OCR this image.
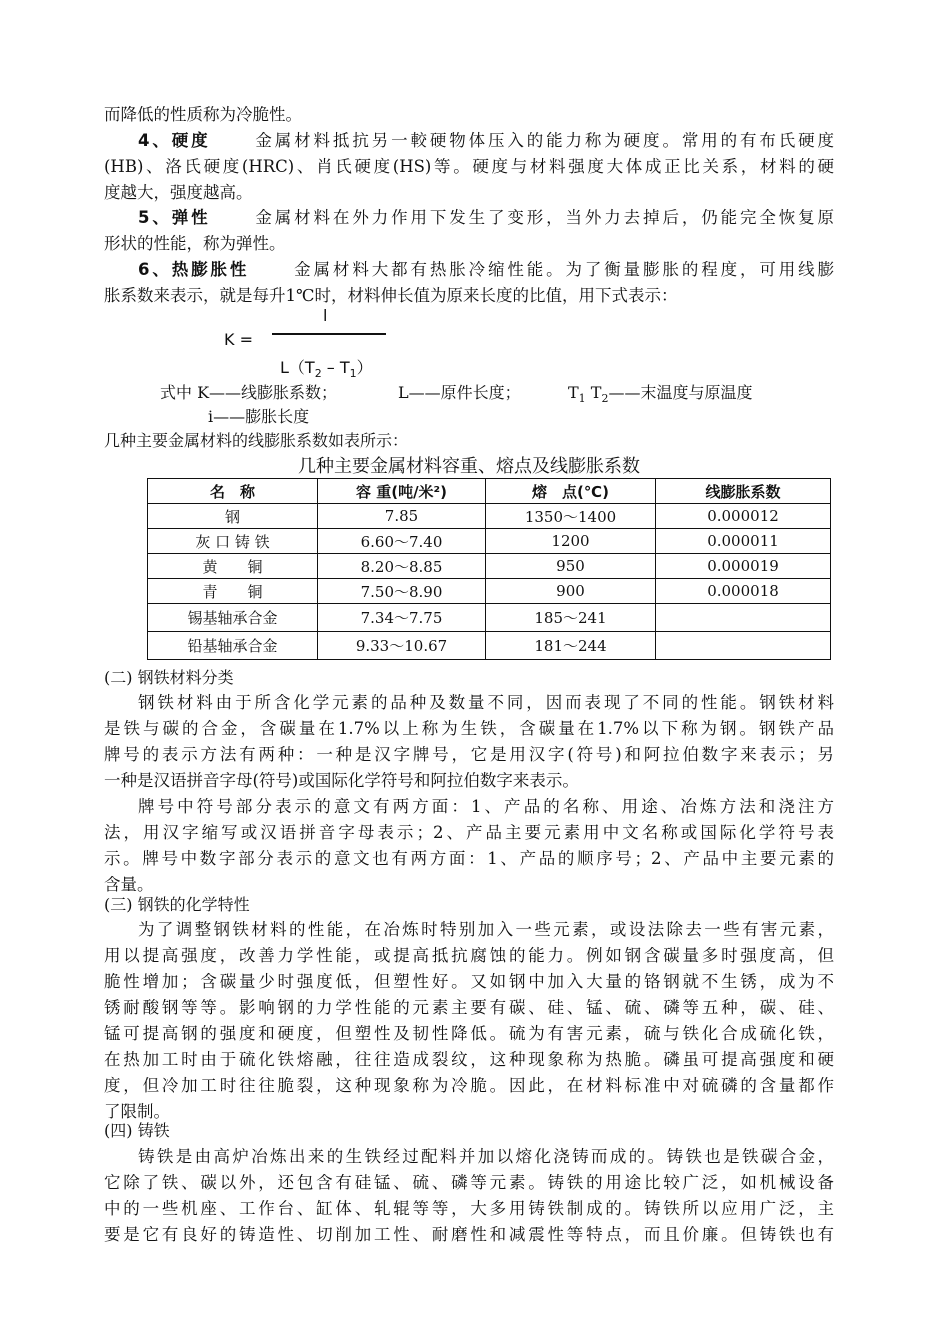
而降低的性质称为冷脆性。
4、硬度	金属材料抵抗另一較硬物体压入的能力称为硬度。常用的有布氏硬度
(HB)、洛氏硬度(HRC)、肖氏硬度(HS)等。硬度与材料强度大体成正比关系，材料的硬
度越大，强度越高。
5、弹性	金属材料在外力作用下发生了变形，当外力去掉后，仍能完全恢复原
形状的性能，称为弹性。
6、热膨胀性	金属材料大都有热胀冷缩性能。为了衡量膨胀的程度，可用线膨
胀系数来表示，就是每升1℃时，材料伸长值为原来长度的比值，用下式表示：
l
K =
$L(T_2 - T_1)$
式中 K——线膨胀系数；	L——原件长度；	$T_1$ $T_2——$末温度与原温度
i——膨胀长度
几种主要金属材料的线膨胀系数如表所示：
几种主要金属材料容重、熔点及线膨胀系数
名　称	容 重(吨/米²)	熔　点(℃)	线膨胀系数
钢	7.85	1350～1400	0.000012
灰 口 铸 铁	6.60～7.40	1200	0.000011
黄　　铜	8.20～8.85	950	0.000019
青　　铜	7.50～8.90	900	0.000018
锡基轴承合金	7.34～7.75	185～241	
铅基轴承合金	9.33～10.67	181～244	
(二) 钢铁材料分类
钢铁材料由于所含化学元素的品种及数量不同，因而表现了不同的性能。钢铁材料
是铁与碳的合金，含碳量在1.7%以上称为生铁，含碳量在1.7%以下称为钢。钢铁产品
牌号的表示方法有两种：一种是汉字牌号，它是用汉字(符号)和阿拉伯数字来表示；另
一种是汉语拼音字母(符号)或国际化学符号和阿拉伯数字来表示。
牌号中符号部分表示的意文有两方面：1、产品的名称、用途、冶炼方法和浇注方
法，用汉字缩写或汉语拼音字母表示；2、产品主要元素用中文名称或国际化学符号表
示。牌号中数字部分表示的意文也有两方面：1、产品的顺序号；2、产品中主要元素的
含量。
(三) 钢铁的化学特性
为了调整钢铁材料的性能，在冶炼时特别加入一些元素，或设法除去一些有害元素，
用以提高强度，改善力学性能，或提高抵抗腐蚀的能力。例如钢含碳量多时强度高，但
脆性增加；含碳量少时强度低，但塑性好。又如钢中加入大量的铬钢就不生锈，成为不
锈耐酸钢等等。影响钢的力学性能的元素主要有碳、硅、锰、硫、磷等五种，碳、硅、
锰可提高钢的强度和硬度，但塑性及韧性降低。硫为有害元素，硫与铁化合成硫化铁，
在热加工时由于硫化铁熔融，往往造成裂纹，这种现象称为热脆。磷虽可提高强度和硬
度，但冷加工时往往脆裂，这种现象称为冷脆。因此，在材料标准中对硫磷的含量都作
了限制。
(四) 铸铁
铸铁是由高炉冶炼出来的生铁经过配料并加以熔化浇铸而成的。铸铁也是铁碳合金，
它除了铁、碳以外，还包含有硅锰、硫、磷等元素。铸铁的用途比较广泛，如机械设备
中的一些机座、工作台、缸体、轧辊等等，大多用铸铁制成的。铸铁所以应用广泛，主
要是它有良好的铸造性、切削加工性、耐磨性和减震性等特点，而且价廉。但铸铁也有
